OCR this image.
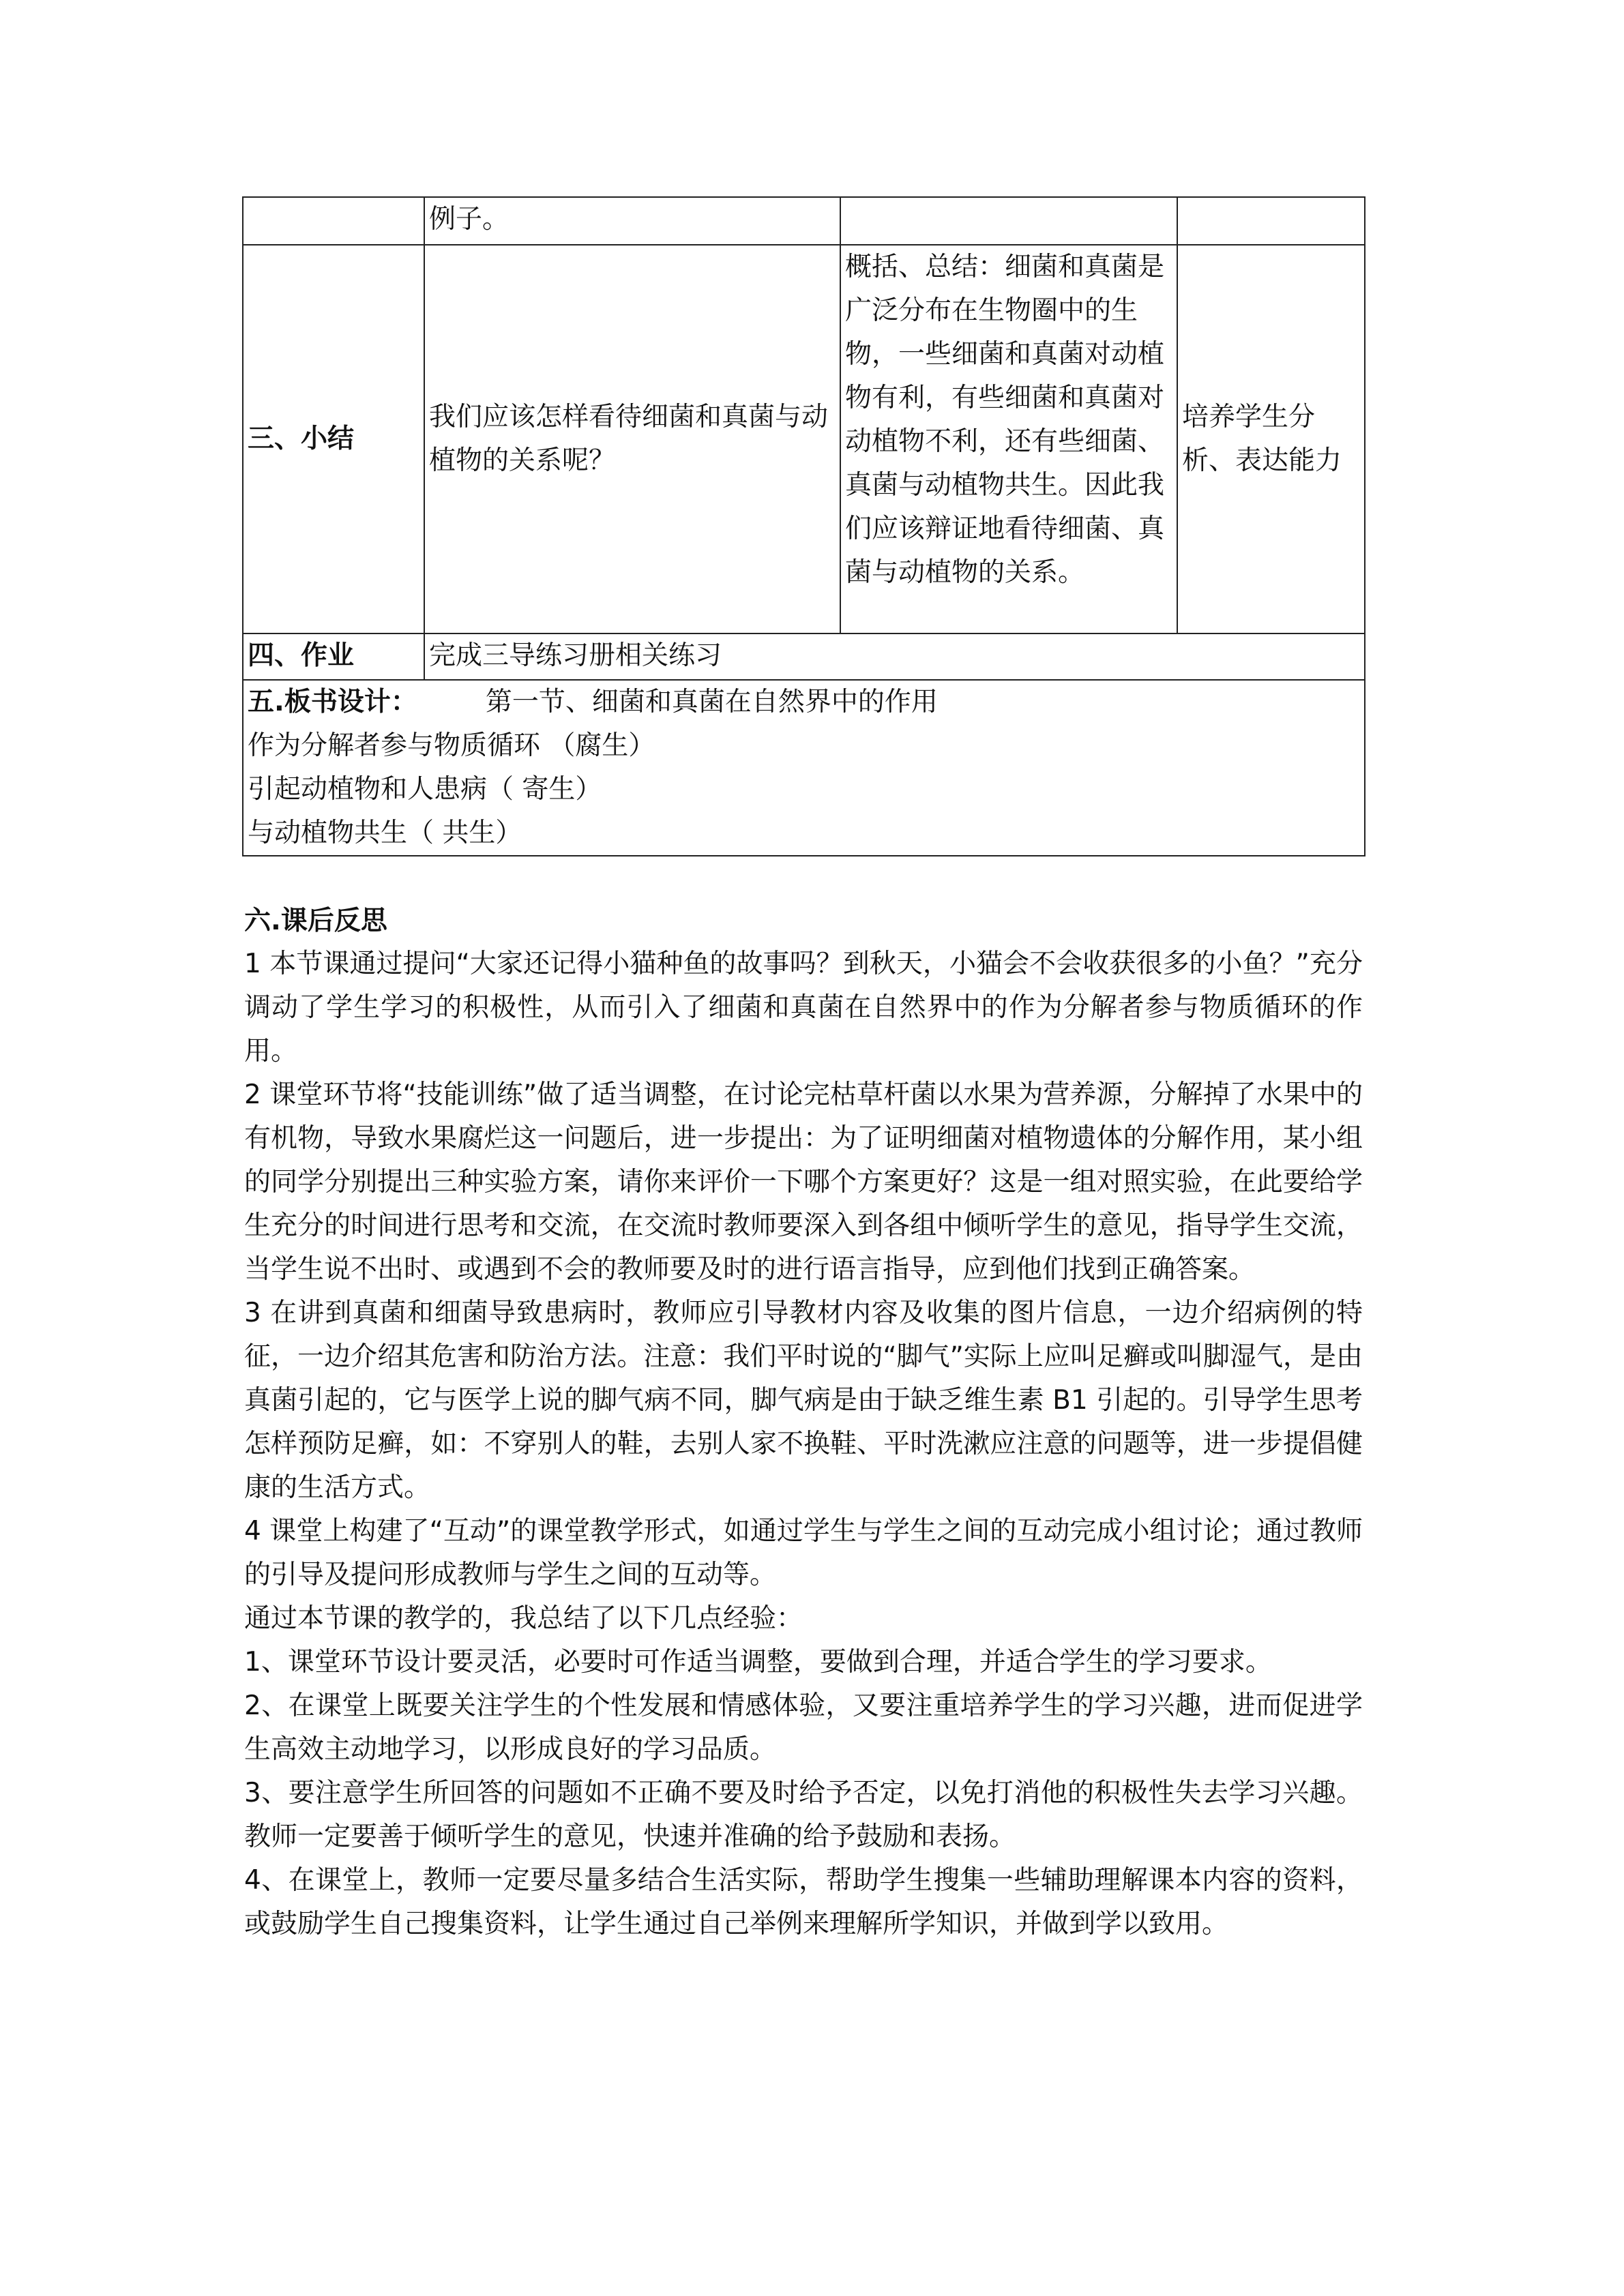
	例子。		
三、小结	我们应该怎样看待细菌和真菌与动植物的关系呢？	概括、总结：细菌和真菌是广泛分布在生物圈中的生物，一些细菌和真菌对动植物有利，有些细菌和真菌对动植物不利，还有些细菌、真菌与动植物共生。因此我们应该辩证地看待细菌、真菌与动植物的关系。	培养学生分析、表达能力
四、作业	完成三导练习册相关练习		

五.板书设计： 第一节、细菌和真菌在自然界中的作用
作为分解者参与物质循环 （腐生）
引起动植物和人患病（ 寄生）
与动植物共生（ 共生）			
六.课后反思

1 本节课通过提问“大家还记得小猫种鱼的故事吗？到秋天，小猫会不会收获很多的小鱼？”充分调动了学生学习的积极性，从而引入了细菌和真菌在自然界中的作为分解者参与物质循环的作用。

2 课堂环节将“技能训练”做了适当调整，在讨论完枯草杆菌以水果为营养源，分解掉了水果中的有机物，导致水果腐烂这一问题后，进一步提出：为了证明细菌对植物遗体的分解作用，某小组的同学分别提出三种实验方案，请你来评价一下哪个方案更好？这是一组对照实验，在此要给学生充分的时间进行思考和交流，在交流时教师要深入到各组中倾听学生的意见，指导学生交流，当学生说不出时、或遇到不会的教师要及时的进行语言指导，应到他们找到正确答案。

3 在讲到真菌和细菌导致患病时，教师应引导教材内容及收集的图片信息，一边介绍病例的特征，一边介绍其危害和防治方法。注意：我们平时说的“脚气”实际上应叫足癣或叫脚湿气，是由真菌引起的，它与医学上说的脚气病不同，脚气病是由于缺乏维生素 B1 引起的。引导学生思考怎样预防足癣，如：不穿别人的鞋，去别人家不换鞋、平时洗漱应注意的问题等，进一步提倡健康的生活方式。

4 课堂上构建了“互动”的课堂教学形式，如通过学生与学生之间的互动完成小组讨论；通过教师的引导及提问形成教师与学生之间的互动等。

通过本节课的教学的，我总结了以下几点经验：

1、课堂环节设计要灵活，必要时可作适当调整，要做到合理，并适合学生的学习要求。

2、在课堂上既要关注学生的个性发展和情感体验，又要注重培养学生的学习兴趣，进而促进学生高效主动地学习，以形成良好的学习品质。

3、要注意学生所回答的问题如不正确不要及时给予否定，以免打消他的积极性失去学习兴趣。教师一定要善于倾听学生的意见，快速并准确的给予鼓励和表扬。

4、在课堂上，教师一定要尽量多结合生活实际，帮助学生搜集一些辅助理解课本内容的资料，或鼓励学生自己搜集资料，让学生通过自己举例来理解所学知识，并做到学以致用。
